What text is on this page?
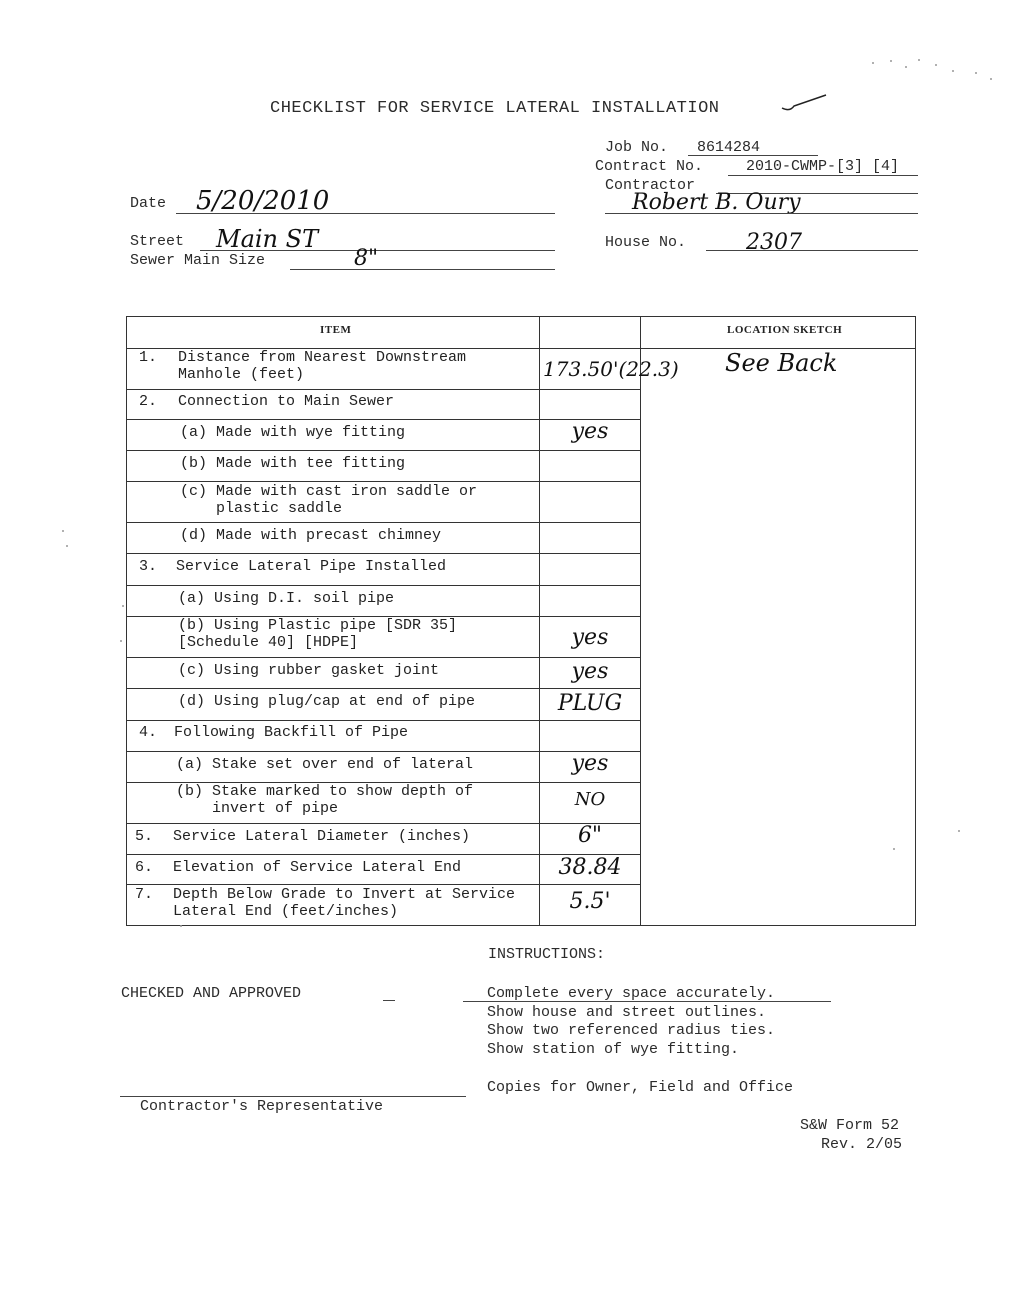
CHECKLIST FOR SERVICE LATERAL INSTALLATION
Job No. 8614284
Contract No.	2010-CWMP-[3] [4]
Contractor
Robert B. Oury
Date 5/20/2010
Street Main ST	House No.	2307
Sewer Main Size	8"
ITEM	LOCATION SKETCH
See Back
1. Distance from Nearest Downstream
Manhole (feet)	173.50'(22.3)
2. Connection to Main Sewer
(a) Made with wye fitting	yes
(b) Made with tee fitting
(c) Made with cast iron saddle or
plastic saddle
(d) Made with precast chimney
3. Service Lateral Pipe Installed
(a) Using D.I. soil pipe
(b) Using Plastic pipe [SDR 35]
[Schedule 40] [HDPE]	yes
(c) Using rubber gasket joint	yes
(d) Using plug/cap at end of pipe	PLUG
4. Following Backfill of Pipe
(a) Stake set over end of lateral	yes
(b) Stake marked to show depth of
invert of pipe	NO
5. Service Lateral Diameter (inches)	6"
6. Elevation of Service Lateral End	38.84
7. Depth Below Grade to Invert at Service
Lateral End (feet/inches)	5.5'
INSTRUCTIONS:
Complete every space accurately.
Show house and street outlines.
Show two referenced radius ties.
Show station of wye fitting.
Copies for Owner, Field and Office
CHECKED AND APPROVED
Contractor's Representative
S&W Form 52
Rev. 2/05
